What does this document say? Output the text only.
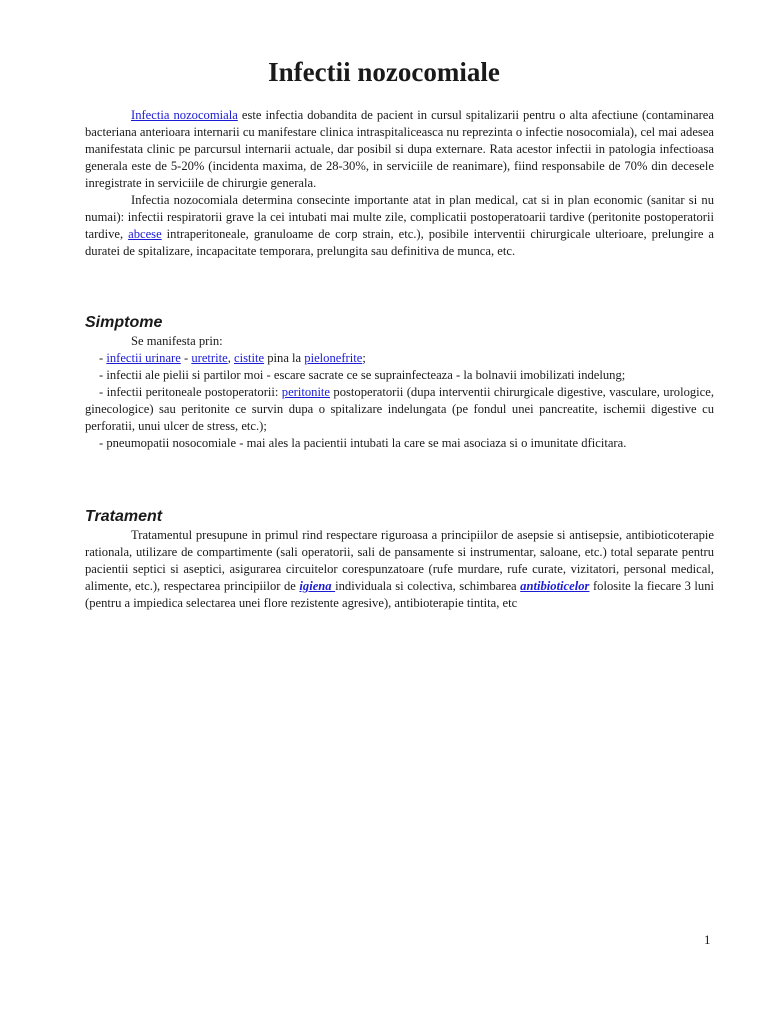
Infectii nozocomiale

Infectia nozocomiala este infectia dobandita de pacient in cursul spitalizarii pentru o alta afectiune (contaminarea bacteriana anterioara internarii cu manifestare clinica intraspitaliceasca nu reprezinta o infectie nosocomiala), cel mai adesea manifestata clinic pe parcursul internarii actuale, dar posibil si dupa externare. Rata acestor infectii in patologia infectioasa generala este de 5-20% (incidenta maxima, de 28-30%, in serviciile de reanimare), fiind responsabile de 70% din decesele inregistrate in serviciile de chirurgie generala.

Infectia nozocomiala determina consecinte importante atat in plan medical, cat si in plan economic (sanitar si nu numai): infectii respiratorii grave la cei intubati mai multe zile, complicatii postoperatoarii tardive (peritonite postoperatorii tardive, abcese intraperitoneale, granuloame de corp strain, etc.), posibile interventii chirurgicale ulterioare, prelungire a duratei de spitalizare, incapacitate temporara, prelungita sau definitiva de munca, etc.

Simptome

Se manifesta prin:

- infectii urinare - uretrite, cistite pina la pielonefrite;

- infectii ale pielii si partilor moi - escare sacrate ce se suprainfecteaza - la bolnavii imobilizati indelung;

- infectii peritoneale postoperatorii: peritonite postoperatorii (dupa interventii chirurgicale digestive, vasculare, urologice, ginecologice) sau peritonite ce survin dupa o spitalizare indelungata (pe fondul unei pancreatite, ischemii digestive cu perforatii, unui ulcer de stress, etc.);

- pneumopatii nosocomiale - mai ales la pacientii intubati la care se mai asociaza si o imunitate dficitara.

Tratament

Tratamentul presupune in primul rind respectare riguroasa a principiilor de asepsie si antisepsie, antibioticoterapie rationala, utilizare de compartimente (sali operatorii, sali de pansamente si instrumentar, saloane, etc.) total separate pentru pacientii septici si aseptici, asigurarea circuitelor corespunzatoare (rufe murdare, rufe curate, vizitatori, personal medical, alimente, etc.), respectarea principiilor de igiena individuala si colectiva, schimbarea antibioticelor folosite la fiecare 3 luni (pentru a impiedica selectarea unei flore rezistente agresive), antibioterapie tintita, etc

1
